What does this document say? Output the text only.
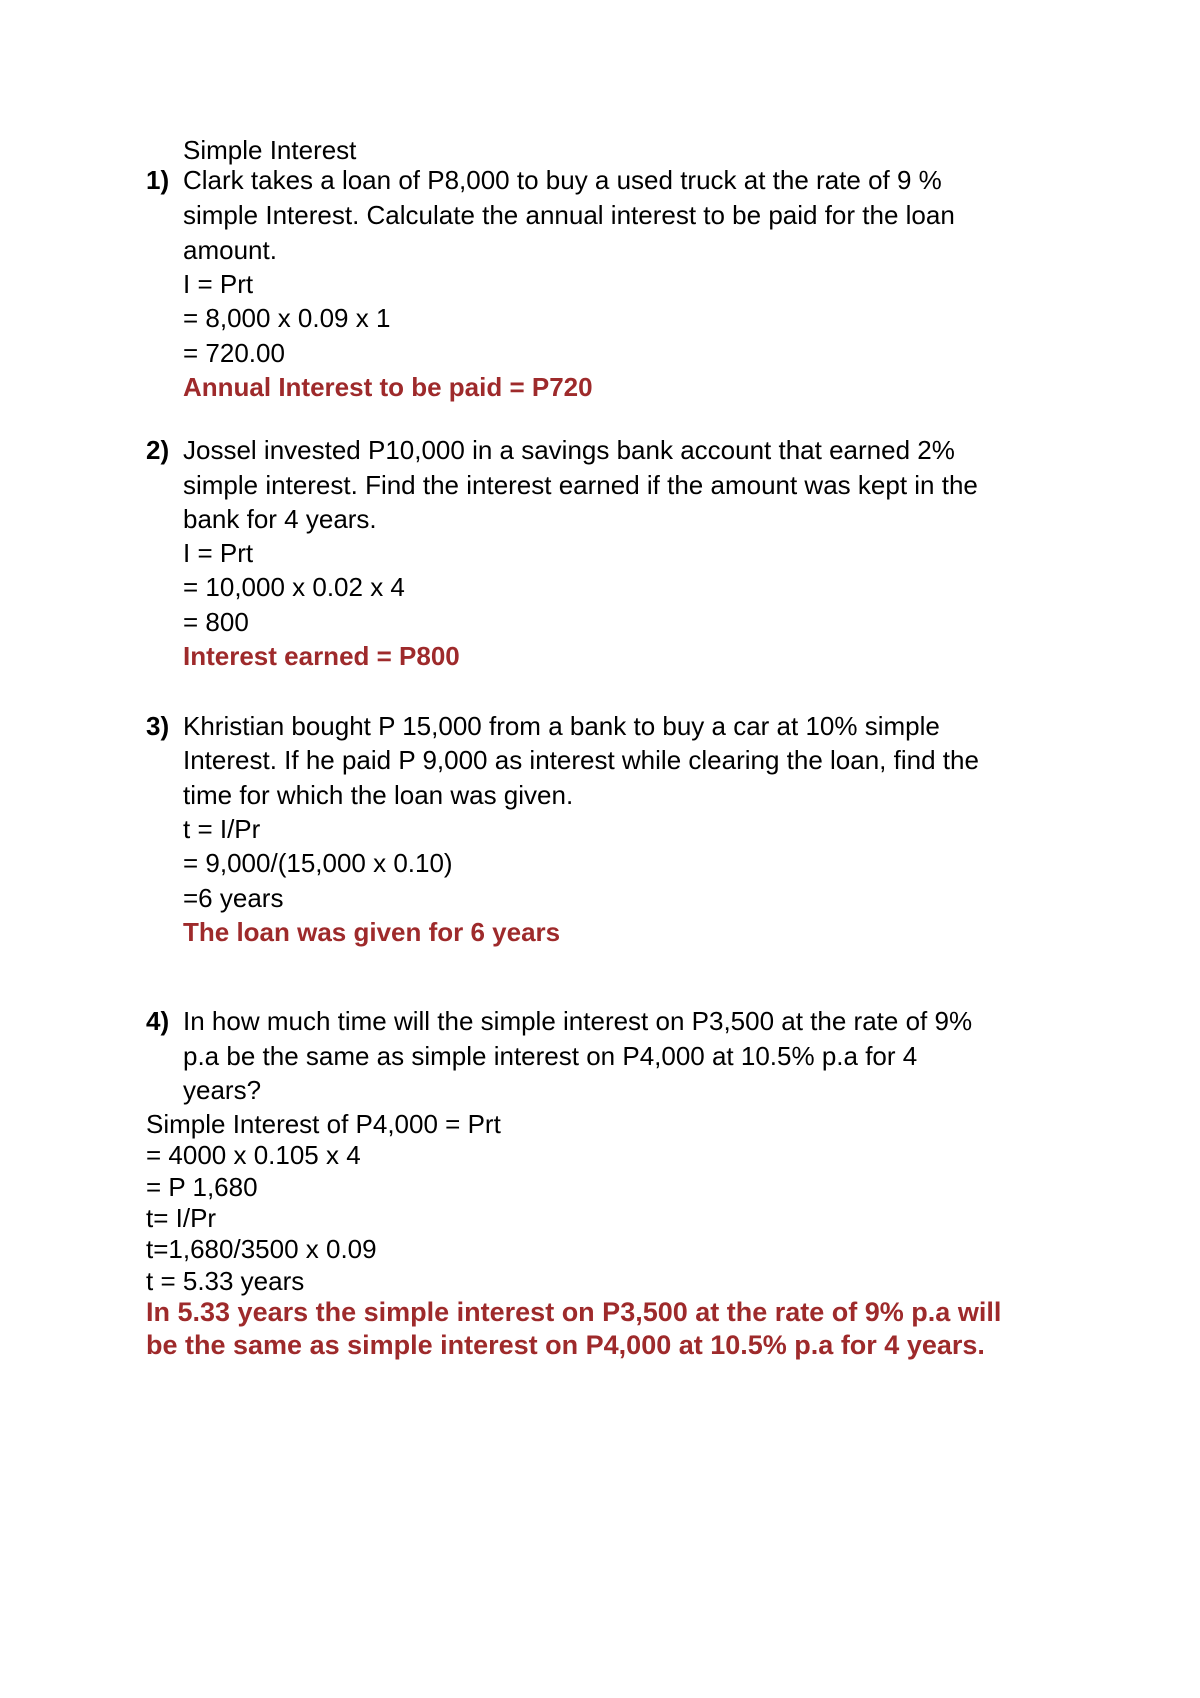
Simple Interest
1) Clark takes a loan of P8,000 to buy a used truck at the rate of 9 %
simple Interest. Calculate the annual interest to be paid for the loan
amount.
I = Prt
= 8,000 x 0.09 x 1
= 720.00
Annual Interest to be paid = P720
2) Jossel invested P10,000 in a savings bank account that earned 2%
simple interest. Find the interest earned if the amount was kept in the
bank for 4 years.
I = Prt
= 10,000 x 0.02 x 4
= 800
Interest earned = P800
3) Khristian bought P 15,000 from a bank to buy a car at 10% simple
Interest. If he paid P 9,000 as interest while clearing the loan, find the
time for which the loan was given.
t = I/Pr
= 9,000/(15,000 x 0.10)
=6 years
The loan was given for 6 years
4) In how much time will the simple interest on P3,500 at the rate of 9%
p.a be the same as simple interest on P4,000 at 10.5% p.a for 4
years?
Simple Interest of P4,000 = Prt
= 4000 x 0.105 x 4
= P 1,680
t= I/Pr
t=1,680/3500 x 0.09
t = 5.33 years
In 5.33 years the simple interest on P3,500 at the rate of 9% p.a will
be the same as simple interest on P4,000 at 10.5% p.a for 4 years.
